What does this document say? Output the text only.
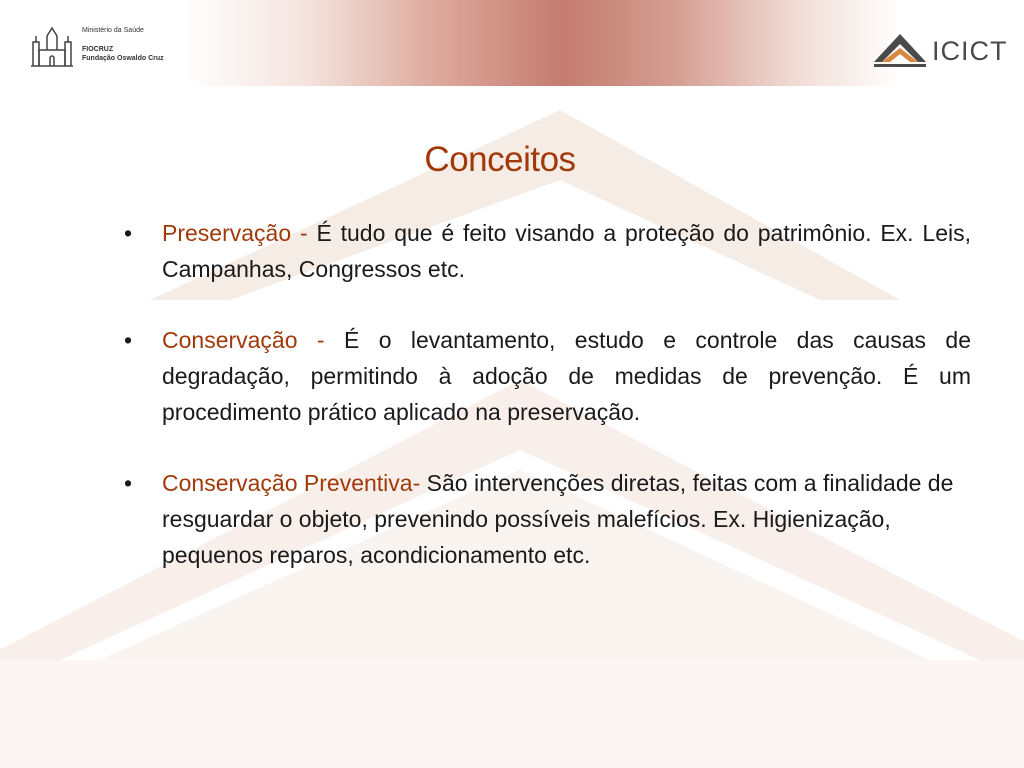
Ministério da Saúde
FIOCRUZ
Fundação Oswaldo Cruz	ICICT
Conceitos
• Preservação - É tudo que é feito visando a proteção do patrimônio. Ex. Leis, Campanhas, Congressos etc.
• Conservação - É o levantamento, estudo e controle das causas de degradação, permitindo à adoção de medidas de prevenção. É um procedimento prático aplicado na preservação.
• Conservação Preventiva- São intervenções diretas, feitas com a finalidade de resguardar o objeto, prevenindo possíveis malefícios. Ex. Higienização, pequenos reparos, acondicionamento etc.
